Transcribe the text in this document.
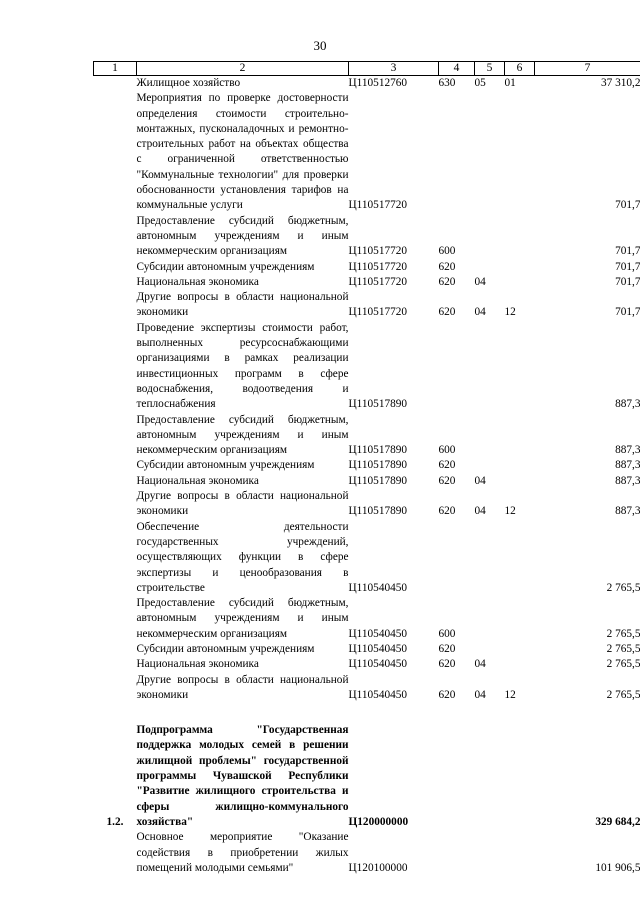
30
1	2	3	4	5	6	7
	Жилищное хозяйство	Ц110512760	630	05	01	37 310,2
	Мероприятия по проверке достоверности определения стоимости строительно-монтажных, пусконаладочных и ремонтно-строительных работ на объектах общества с ограниченной ответственностью "Коммунальные технологии" для проверки обоснованности установления тарифов на коммунальные услуги	Ц110517720				701,7
	Предоставление субсидий бюджетным, автономным учреждениям и иным некоммерческим организациям	Ц110517720	600			701,7
	Субсидии автономным учреждениям	Ц110517720	620			701,7
	Национальная экономика	Ц110517720	620	04		701,7
	Другие вопросы в области национальной экономики	Ц110517720	620	04	12	701,7
	Проведение экспертизы стоимости работ, выполненных ресурсоснабжающими организациями в рамках реализации инвестиционных программ в сфере водоснабжения, водоотведения и теплоснабжения	Ц110517890				887,3
	Предоставление субсидий бюджетным, автономным учреждениям и иным некоммерческим организациям	Ц110517890	600			887,3
	Субсидии автономным учреждениям	Ц110517890	620			887,3
	Национальная экономика	Ц110517890	620	04		887,3
	Другие вопросы в области национальной экономики	Ц110517890	620	04	12	887,3
	Обеспечение деятельности государственных учреждений, осуществляющих функции в сфере экспертизы и ценообразования в строительстве	Ц110540450				2 765,5
	Предоставление субсидий бюджетным, автономным учреждениям и иным некоммерческим организациям	Ц110540450	600			2 765,5
	Субсидии автономным учреждениям	Ц110540450	620			2 765,5
	Национальная экономика	Ц110540450	620	04		2 765,5
	Другие вопросы в области национальной экономики	Ц110540450	620	04	12	2 765,5

1.2.	Подпрограмма "Государственная поддержка молодых семей в решении жилищной проблемы" государственной программы Чувашской Республики "Развитие жилищного строительства и сферы жилищно-коммунального хозяйства"	Ц120000000				329 684,2
	Основное мероприятие "Оказание содействия в приобретении жилых помещений молодыми семьями"	Ц120100000				101 906,5
